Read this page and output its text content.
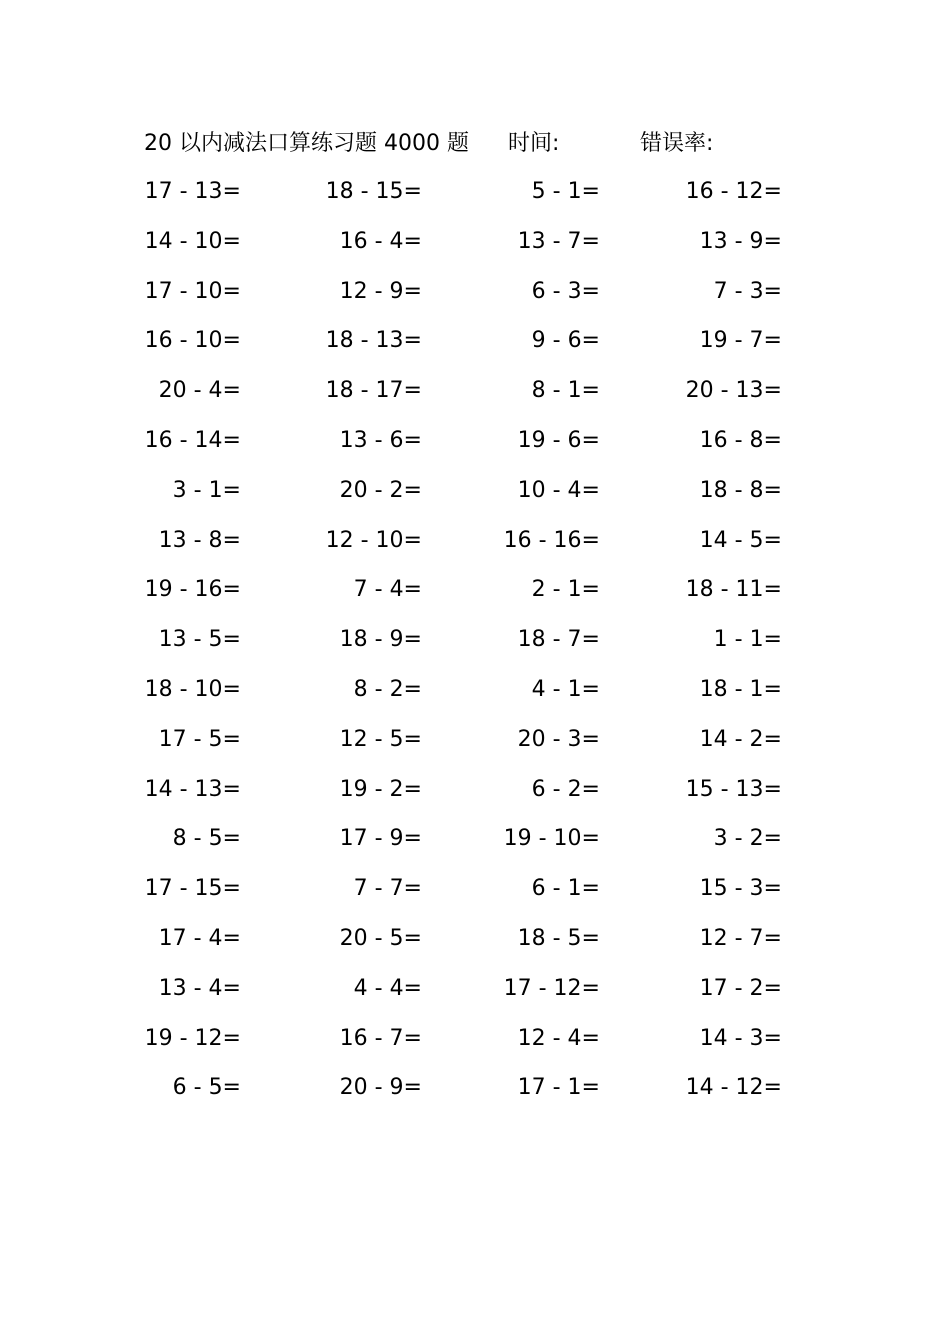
20 以内减法口算练习题 4000 题 时间:	错误率:
17 - 13=	18 - 15=	5 - 1=	16 - 12=
14 - 10=	16 - 4=	13 - 7=	13 - 9=
17 - 10=	12 - 9=	6 - 3=	7 - 3=
16 - 10=	18 - 13=	9 - 6=	19 - 7=
20 - 4=	18 - 17=	8 - 1=	20 - 13=
16 - 14=	13 - 6=	19 - 6=	16 - 8=
3 - 1=	20 - 2=	10 - 4=	18 - 8=
13 - 8=	12 - 10=	16 - 16=	14 - 5=
19 - 16=	7 - 4=	2 - 1=	18 - 11=
13 - 5=	18 - 9=	18 - 7=	1 - 1=
18 - 10=	8 - 2=	4 - 1=	18 - 1=
17 - 5=	12 - 5=	20 - 3=	14 - 2=
14 - 13=	19 - 2=	6 - 2=	15 - 13=
8 - 5=	17 - 9=	19 - 10=	3 - 2=
17 - 15=	7 - 7=	6 - 1=	15 - 3=
17 - 4=	20 - 5=	18 - 5=	12 - 7=
13 - 4=	4 - 4=	17 - 12=	17 - 2=
19 - 12=	16 - 7=	12 - 4=	14 - 3=
6 - 5=	20 - 9=	17 - 1=	14 - 12=
